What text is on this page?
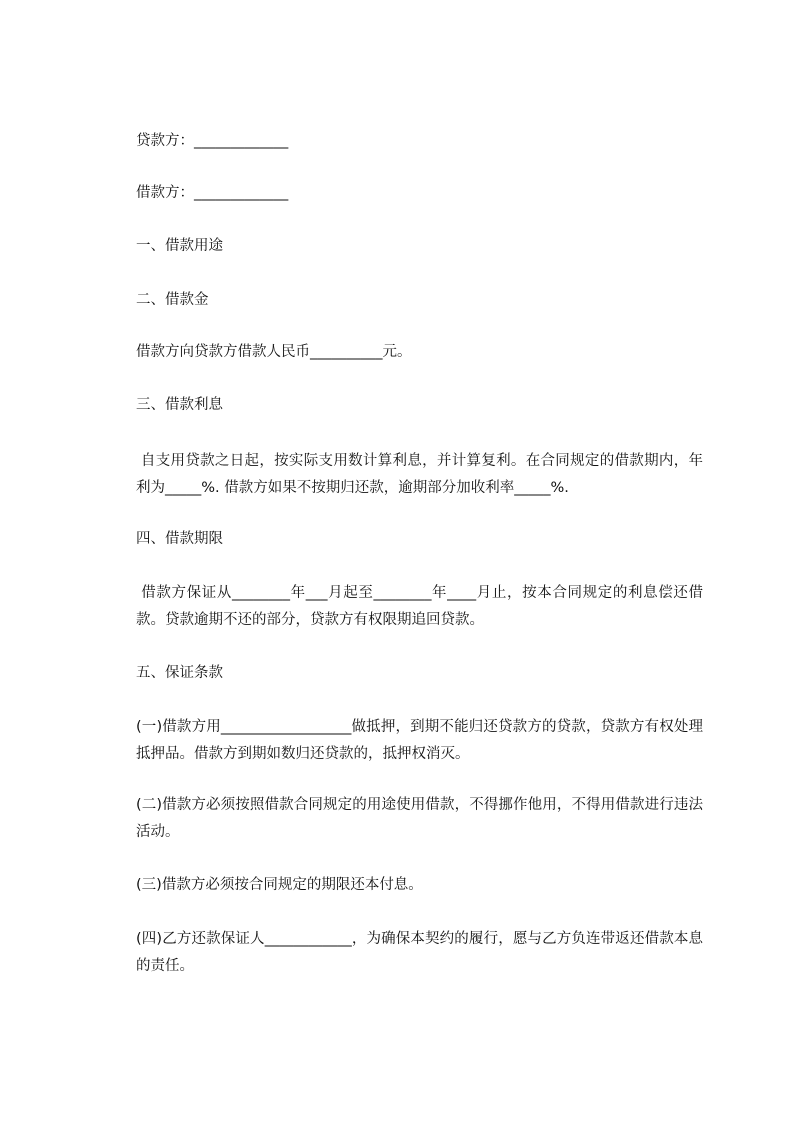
贷款方：_____________
借款方：_____________
一、借款用途
二、借款金
借款方向贷款方借款人民币__________元。
三、借款利息
自支用贷款之日起，按实际支用数计算利息，并计算复利。在合同规定的借款期内，年利为_____%. 借款方如果不按期归还款，逾期部分加收利率_____%.
四、借款期限
借款方保证从________年___月起至________年____月止，按本合同规定的利息偿还借款。贷款逾期不还的部分，贷款方有权限期追回贷款。
五、保证条款
(一)借款方用__________________做抵押，到期不能归还贷款方的贷款，贷款方有权处理抵押品。借款方到期如数归还贷款的，抵押权消灭。
(二)借款方必须按照借款合同规定的用途使用借款，不得挪作他用，不得用借款进行违法活动。
(三)借款方必须按合同规定的期限还本付息。
(四)乙方还款保证人____________，为确保本契约的履行，愿与乙方负连带返还借款本息的责任。
